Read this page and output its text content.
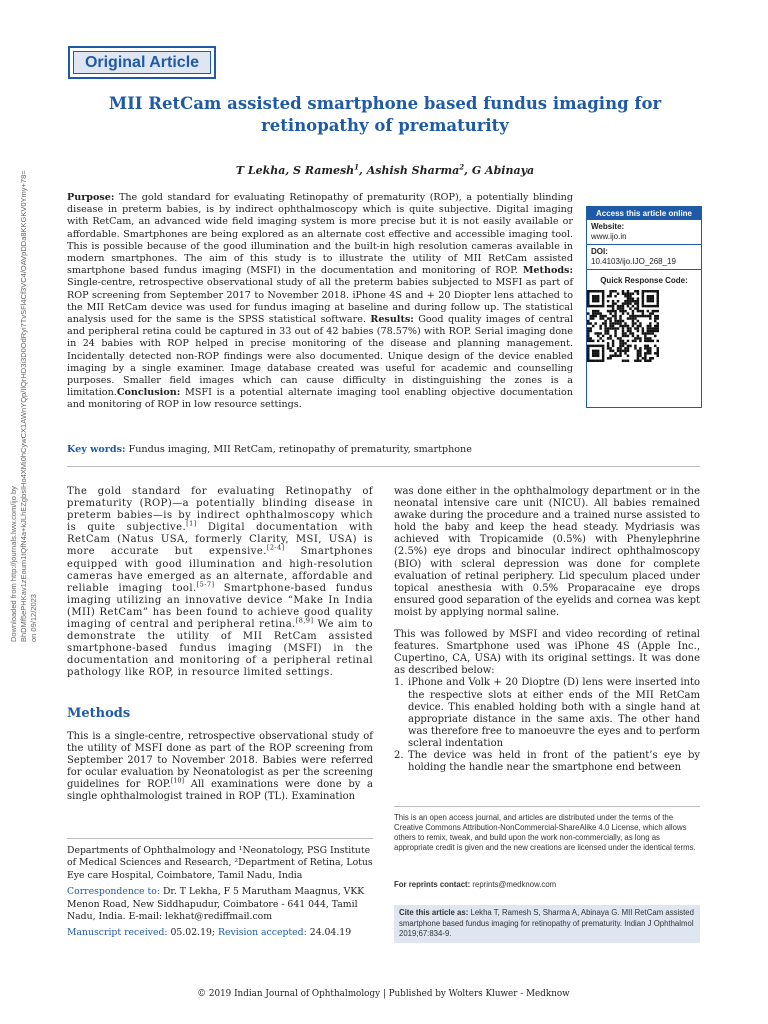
Original Article
MII RetCam assisted smartphone based fundus imaging for retinopathy of prematurity
T Lekha, S Ramesh$^1$, Ashish Sharma$^2$, G Abinaya
Downloaded from http://journals.lww.com/ijo by BhDMf5ePHKav1zEoum1tQfN4a+kJLhEZgbsIHo4XMi0hCywCX1AWnYQp/IlQrHD3i3D0OdRyi7TvSFl4Cf3VC4/OAVpDDa8KKGKV0Ymy+78= on 09/12/2023
Purpose: The gold standard for evaluating Retinopathy of prematurity (ROP), a potentially blinding disease in preterm babies, is by indirect ophthalmoscopy which is quite subjective. Digital imaging with RetCam, an advanced wide field imaging system is more precise but it is not easily available or affordable. Smartphones are being explored as an alternate cost effective and accessible imaging tool. This is possible because of the good illumination and the built-in high resolution cameras available in modern smartphones. The aim of this study is to illustrate the utility of MII RetCam assisted smartphone based fundus imaging (MSFI) in the documentation and monitoring of ROP. Methods: Single-centre, retrospective observational study of all the preterm babies subjected to MSFI as part of ROP screening from September 2017 to November 2018. iPhone 4S and + 20 Diopter lens attached to the MII RetCam device was used for fundus imaging at baseline and during follow up. The statistical analysis used for the same is the SPSS statistical software. Results: Good quality images of central and peripheral retina could be captured in 33 out of 42 babies (78.57%) with ROP. Serial imaging done in 24 babies with ROP helped in precise monitoring of the disease and planning management. Incidentally detected non-ROP findings were also documented. Unique design of the device enabled imaging by a single examiner. Image database created was useful for academic and counselling purposes. Smaller field images which can cause difficulty in distinguishing the zones is a limitation.Conclusion: MSFI is a potential alternate imaging tool enabling objective documentation and monitoring of ROP in low resource settings.
Access this article online
Website:
www.ijo.in
DOI:
10.4103/ijo.IJO_268_19
Quick Response Code:
Key words: Fundus imaging, MII RetCam, retinopathy of prematurity, smartphone
The gold standard for evaluating Retinopathy of prematurity (ROP)—a potentially blinding disease in preterm babies—is by indirect ophthalmoscopy which is quite subjective.[1] Digital documentation with RetCam (Natus USA, formerly Clarity, MSI, USA) is more accurate but expensive.[2-4] Smartphones equipped with good illumination and high-resolution cameras have emerged as an alternate, affordable and reliable imaging tool.[5-7] Smartphone-based fundus imaging utilizing an innovative device “Make In India (MII) RetCam” has been found to achieve good quality imaging of central and peripheral retina.[8,9] We aim to demonstrate the utility of MII RetCam assisted smartphone-based fundus imaging (MSFI) in the documentation and monitoring of a peripheral retinal pathology like ROP, in resource limited settings.
Methods
This is a single-centre, retrospective observational study of the utility of MSFI done as part of the ROP screening from September 2017 to November 2018. Babies were referred for ocular evaluation by Neonatologist as per the screening guidelines for ROP.[10] All examinations were done by a single ophthalmologist trained in ROP (TL). Examination
Departments of Ophthalmology and ¹Neonatology, PSG Institute of Medical Sciences and Research, ²Department of Retina, Lotus Eye care Hospital, Coimbatore, Tamil Nadu, India
Correspondence to: Dr. T Lekha, F 5 Marutham Maagnus, VKK Menon Road, New Siddhapudur, Coimbatore - 641 044, Tamil Nadu, India. E-mail: lekhat@rediffmail.com
Manuscript received: 05.02.19; Revision accepted: 24.04.19
was done either in the ophthalmology department or in the neonatal intensive care unit (NICU). All babies remained awake during the procedure and a trained nurse assisted to hold the baby and keep the head steady. Mydriasis was achieved with Tropicamide (0.5%) with Phenylephrine (2.5%) eye drops and binocular indirect ophthalmoscopy (BIO) with scleral depression was done for complete evaluation of retinal periphery. Lid speculum placed under topical anesthesia with 0.5% Proparacaine eye drops ensured good separation of the eyelids and cornea was kept moist by applying normal saline.
This was followed by MSFI and video recording of retinal features. Smartphone used was iPhone 4S (Apple Inc., Cupertino, CA, USA) with its original settings. It was done as described below:
1. iPhone and Volk + 20 Dioptre (D) lens were inserted into the respective slots at either ends of the MII RetCam device. This enabled holding both with a single hand at appropriate distance in the same axis. The other hand was therefore free to manoeuvre the eyes and to perform scleral indentation
2. The device was held in front of the patient’s eye by holding the handle near the smartphone end between
This is an open access journal, and articles are distributed under the terms of the Creative Commons Attribution-NonCommercial-ShareAlike 4.0 License, which allows others to remix, tweak, and build upon the work non-commercially, as long as appropriate credit is given and the new creations are licensed under the identical terms.
For reprints contact: reprints@medknow.com
Cite this article as: Lekha T, Ramesh S, Sharma A, Abinaya G. MII RetCam assisted smartphone based fundus imaging for retinopathy of prematurity. Indian J Ophthalmol 2019;67:834-9.
© 2019 Indian Journal of Ophthalmology | Published by Wolters Kluwer - Medknow
